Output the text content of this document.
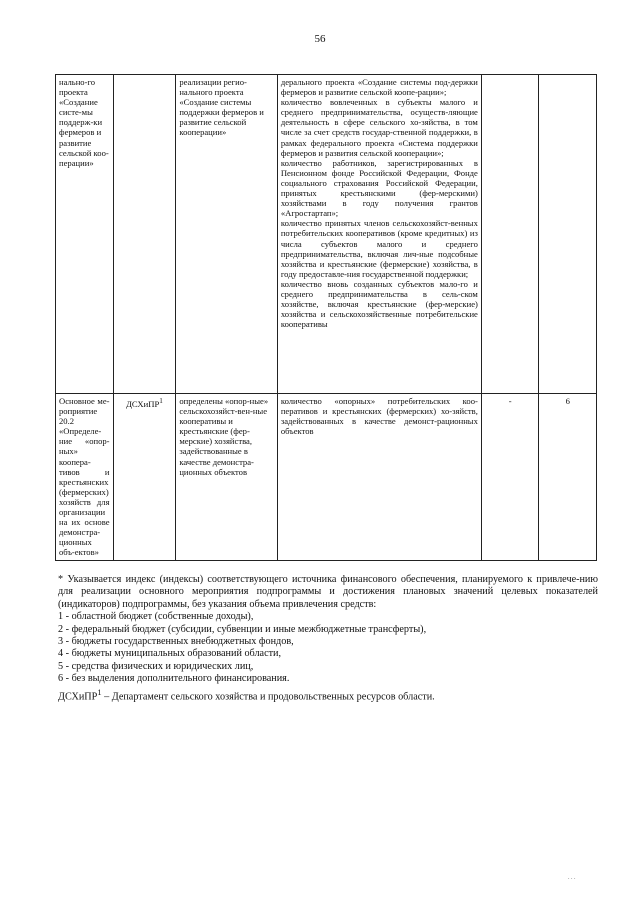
56
нально-го проекта «Создание систе-мы поддерж-ки фермеров и развитие сельской коо-перации»		реализации регио-нального проекта «Создание системы поддержки фермеров и развитие сельской кооперации»	дерального проекта «Создание системы под-держки фермеров и развитие сельской коопе-рации»;
количество вовлеченных в субъекты малого и среднего предпринимательства, осуществ-ляющие деятельность в сфере сельского хо-зяйства, в том числе за счет средств государ-ственной поддержки, в рамках федерального проекта «Система поддержки фермеров и развития сельской кооперации»;
количество работников, зарегистрированных в Пенсионном фонде Российской Федерации, Фонде социального страхования Российской Федерации, принятых крестьянскими (фер-мерскими) хозяйствами в году получения грантов «Агростартап»;
количество принятых членов сельскохозяйст-венных потребительских кооперативов (кроме кредитных) из числа субъектов малого и среднего предпринимательства, включая лич-ные подсобные хозяйства и крестьянские (фермерские) хозяйства, в году предоставле-ния государственной поддержки;
количество вновь созданных субъектов мало-го и среднего предпринимательства в сель-ском хозяйстве, включая крестьянские (фер-мерские) хозяйства и сельскохозяйственные потребительские кооперативы		

Основное ме-роприятие 20.2 «Определе-ние «опор-ных» коопера-тивов и крестьянских (фермерских) хозяйств для организации на их основе демонстра-ционных объ-ектов»	ДСХиПР$^1$	определены «опор-ные» сельскохозяйст-вен-ные кооперативы и крестьянские (фер-мерские) хозяйства, задействованные в качестве демонстра-ционных объектов	количество «опорных» потребительских коо-перативов и крестьянских (фермерских) хо-зяйств, задействованных в качестве демонст-рационных объектов	-	6
* Указывается индекс (индексы) соответствующего источника финансового обеспечения, планируемого к привлече-нию для реализации основного мероприятия подпрограммы и достижения плановых значений целевых показателей (индикаторов) подпрограммы, без указания объема привлечения средств:
1 - областной бюджет (собственные доходы),
2 - федеральный бюджет (субсидии, субвенции и иные межбюджетные трансферты),
3 - бюджеты государственных внебюджетных фондов,
4 - бюджеты муниципальных образований области,
5 - средства физических и юридических лиц,
6 - без выделения дополнительного финансирования.
ДСХиПР$^1$ – Департамент сельского хозяйства и продовольственных ресурсов области.
. . .
